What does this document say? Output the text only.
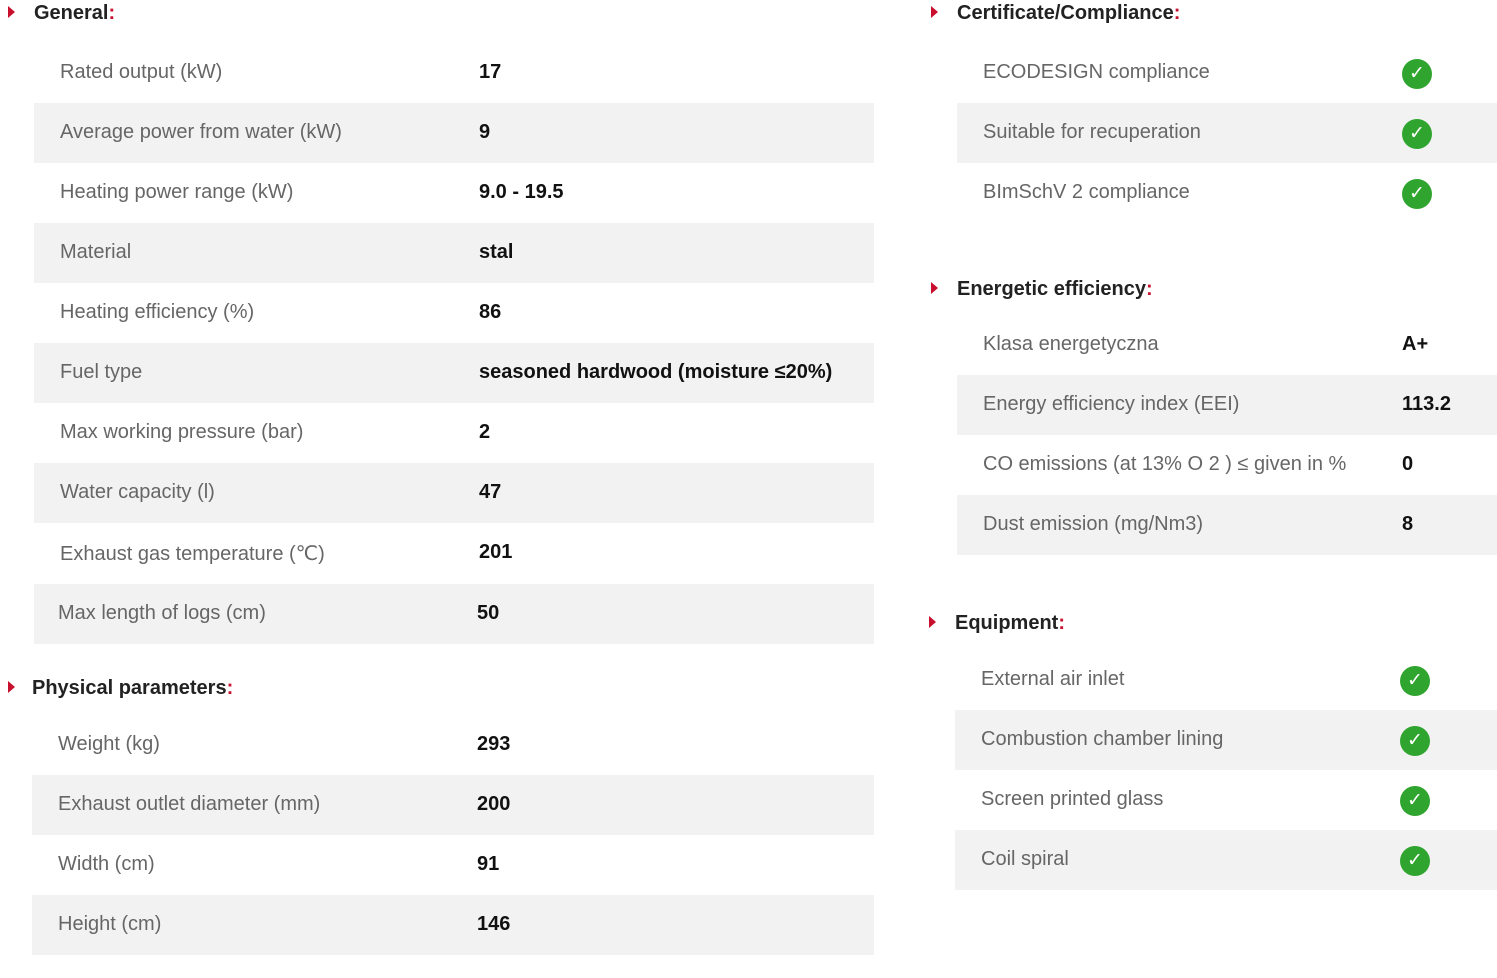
General:
Rated output (kW)	17
Average power from water (kW)	9
Heating power range (kW)	9.0 - 19.5
Material	stal
Heating efficiency (%)	86
Fuel type	seasoned hardwood (moisture ≤20%)
Max working pressure (bar)	2
Water capacity (l)	47
Exhaust gas temperature (℃)	201
Max length of logs (cm)	50
Physical parameters:
Weight (kg)	293
Exhaust outlet diameter (mm)	200
Width (cm)	91
Height (cm)	146
Certificate/Compliance:
ECODESIGN compliance	✓
Suitable for recuperation	✓
BImSchV 2 compliance	✓
Energetic efficiency:
Klasa energetyczna	A+
Energy efficiency index (EEI)	113.2
CO emissions (at 13% O 2 ) ≤ given in %	0
Dust emission (mg/Nm3)	8
Equipment:
External air inlet	✓
Combustion chamber lining	✓
Screen printed glass	✓
Coil spiral	✓
